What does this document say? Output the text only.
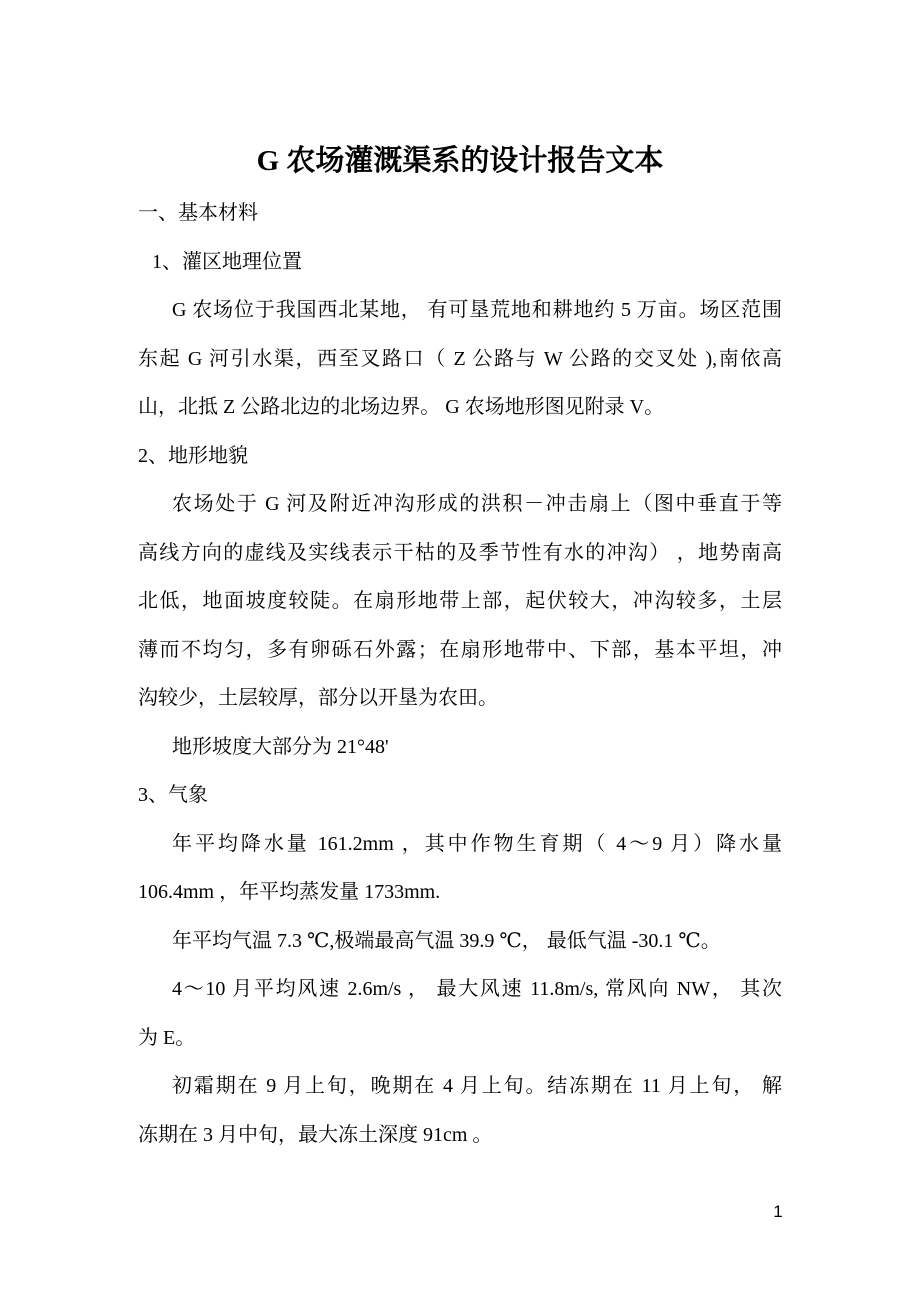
G 农场灌溉渠系的设计报告文本
一、基本材料
1、灌区地理位置
G 农场位于我国西北某地， 有可垦荒地和耕地约 5 万亩。场区范围
东起 G 河引水渠，西至叉路口（ Z 公路与 W 公路的交叉处 ),南依高
山，北抵 Z 公路北边的北场边界。 G 农场地形图见附录 V。
2、地形地貌
农场处于 G 河及附近冲沟形成的洪积－冲击扇上（图中垂直于等
高线方向的虚线及实线表示干枯的及季节性有水的冲沟） ，地势南高
北低，地面坡度较陡。在扇形地带上部，起伏较大，冲沟较多，土层
薄而不均匀，多有卵砾石外露；在扇形地带中、下部，基本平坦，冲
沟较少，土层较厚，部分以开垦为农田。
地形坡度大部分为 21°48'
3、气象
年平均降水量 161.2mm ，其中作物生育期（ 4～9 月）降水量
106.4mm ，年平均蒸发量 1733mm.
年平均气温 7.3 ℃,极端最高气温 39.9 ℃， 最低气温 -30.1 ℃。
4～10 月平均风速 2.6m/s ， 最大风速 11.8m/s, 常风向 NW， 其次
为 E。
初霜期在 9 月上旬，晚期在 4 月上旬。结冻期在 11 月上旬， 解
冻期在 3 月中旬，最大冻土深度 91cm 。
1
